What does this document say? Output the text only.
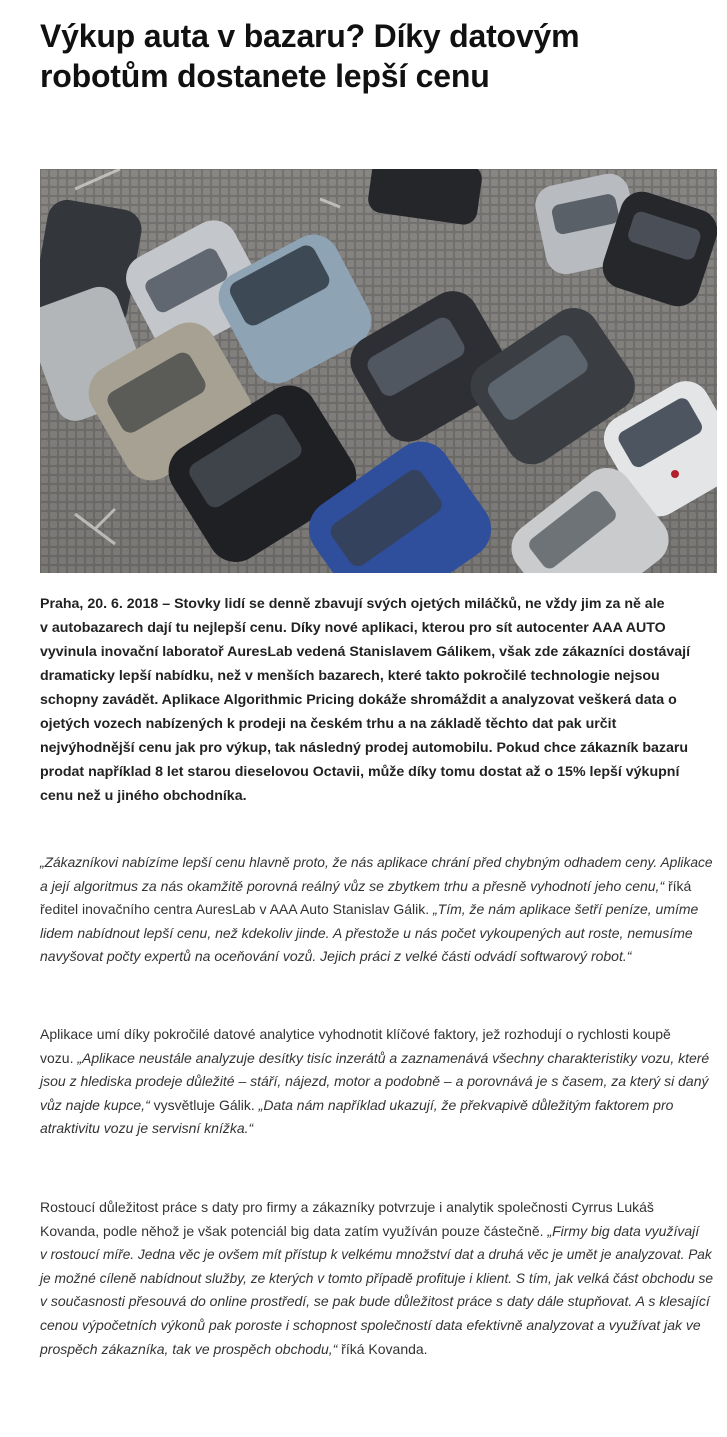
Výkup auta v bazaru? Díky datovým
robotům dostanete lepší cenu

Praha, 20. 6. 2018 – Stovky lidí se denně zbavují svých ojetých miláčků, ne vždy jim za ně ale
v autobazarech dají tu nejlepší cenu. Díky nové aplikaci, kterou pro sít autocenter AAA AUTO
vyvinula inovační laboratoř AuresLab vedená Stanislavem Gálikem, však zde zákazníci dostávají
dramaticky lepší nabídku, než v menších bazarech, které takto pokročilé technologie nejsou
schopny zavádět. Aplikace Algorithmic Pricing dokáže shromáždit a analyzovat veškerá data o
ojetých vozech nabízených k prodeji na českém trhu a na základě těchto dat pak určit
nejvýhodnější cenu jak pro výkup, tak následný prodej automobilu. Pokud chce zákazník bazaru
prodat například 8 let starou dieselovou Octavii, může díky tomu dostat až o 15% lepší výkupní
cenu než u jiného obchodníka.

„Zákazníkovi nabízíme lepší cenu hlavně proto, že nás aplikace chrání před chybným odhadem ceny. Aplikace
a její algoritmus za nás okamžitě porovná reálný vůz se zbytkem trhu a přesně vyhodnotí jeho cenu,“ říká
ředitel inovačního centra AuresLab v AAA Auto Stanislav Gálik. „Tím, že nám aplikace šetří peníze, umíme
lidem nabídnout lepší cenu, než kdekoliv jinde. A přestože u nás počet vykoupených aut roste, nemusíme
navyšovat počty expertů na oceňování vozů. Jejich práci z velké části odvádí softwarový robot.“

Aplikace umí díky pokročilé datové analytice vyhodnotit klíčové faktory, jež rozhodují o rychlosti koupě
vozu. „Aplikace neustále analyzuje desítky tisíc inzerátů a zaznamenává všechny charakteristiky vozu, které
jsou z hlediska prodeje důležité – stáří, nájezd, motor a podobně – a porovnává je s časem, za který si daný
vůz najde kupce,“ vysvětluje Gálik. „Data nám například ukazují, že překvapivě důležitým faktorem pro
atraktivitu vozu je servisní knížka.“

Rostoucí důležitost práce s daty pro firmy a zákazníky potvrzuje i analytik společnosti Cyrrus Lukáš
Kovanda, podle něhož je však potenciál big data zatím využíván pouze částečně. „Firmy big data využívají
v rostoucí míře. Jedna věc je ovšem mít přístup k velkému množství dat a druhá věc je umět je analyzovat. Pak
je možné cíleně nabídnout služby, ze kterých v tomto případě profituje i klient. S tím, jak velká část obchodu se
v současnosti přesouvá do online prostředí, se pak bude důležitost práce s daty dále stupňovat. A s klesající
cenou výpočetních výkonů pak poroste i schopnost společností data efektivně analyzovat a využívat jak ve
prospěch zákazníka, tak ve prospěch obchodu,“ říká Kovanda.
